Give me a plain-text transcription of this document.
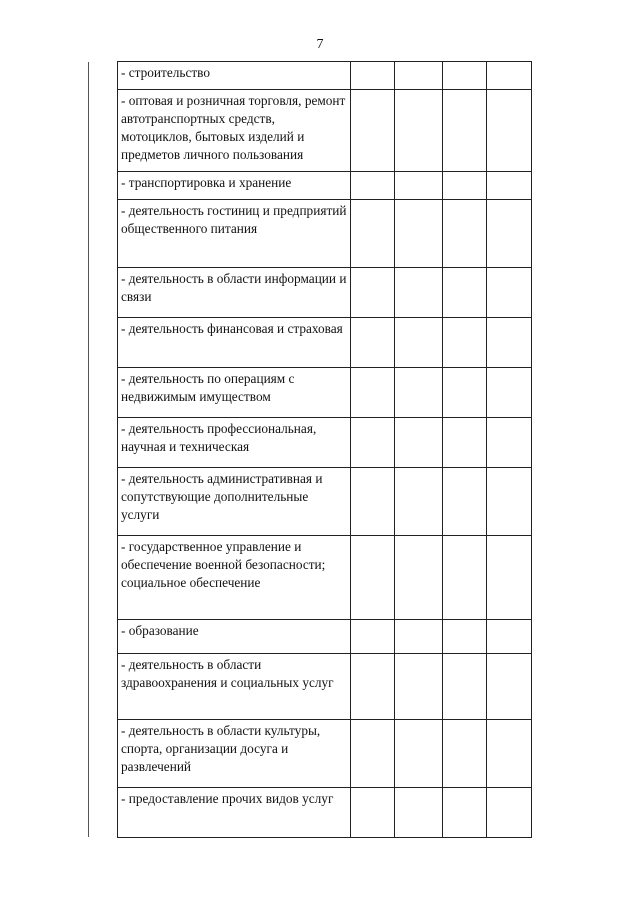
7
- строительство				
- оптовая и розничная торговля, ремонт автотранспортных средств, мотоциклов, бытовых изделий и предметов личного пользования				
- транспортировка и хранение				
- деятельность гостиниц и предприятий общественного питания				
- деятельность в области информации и связи				
- деятельность финансовая и страховая				
- деятельность по операциям с недвижимым имуществом				
- деятельность профессиональная, научная и техническая				
- деятельность административная и сопутствующие дополнительные услуги				
- государственное управление и обеспечение военной безопасности; социальное обеспечение				
- образование				
- деятельность в области здравоохранения и социальных услуг				
- деятельность в области культуры, спорта, организации досуга и развлечений				
- предоставление прочих видов услуг				
